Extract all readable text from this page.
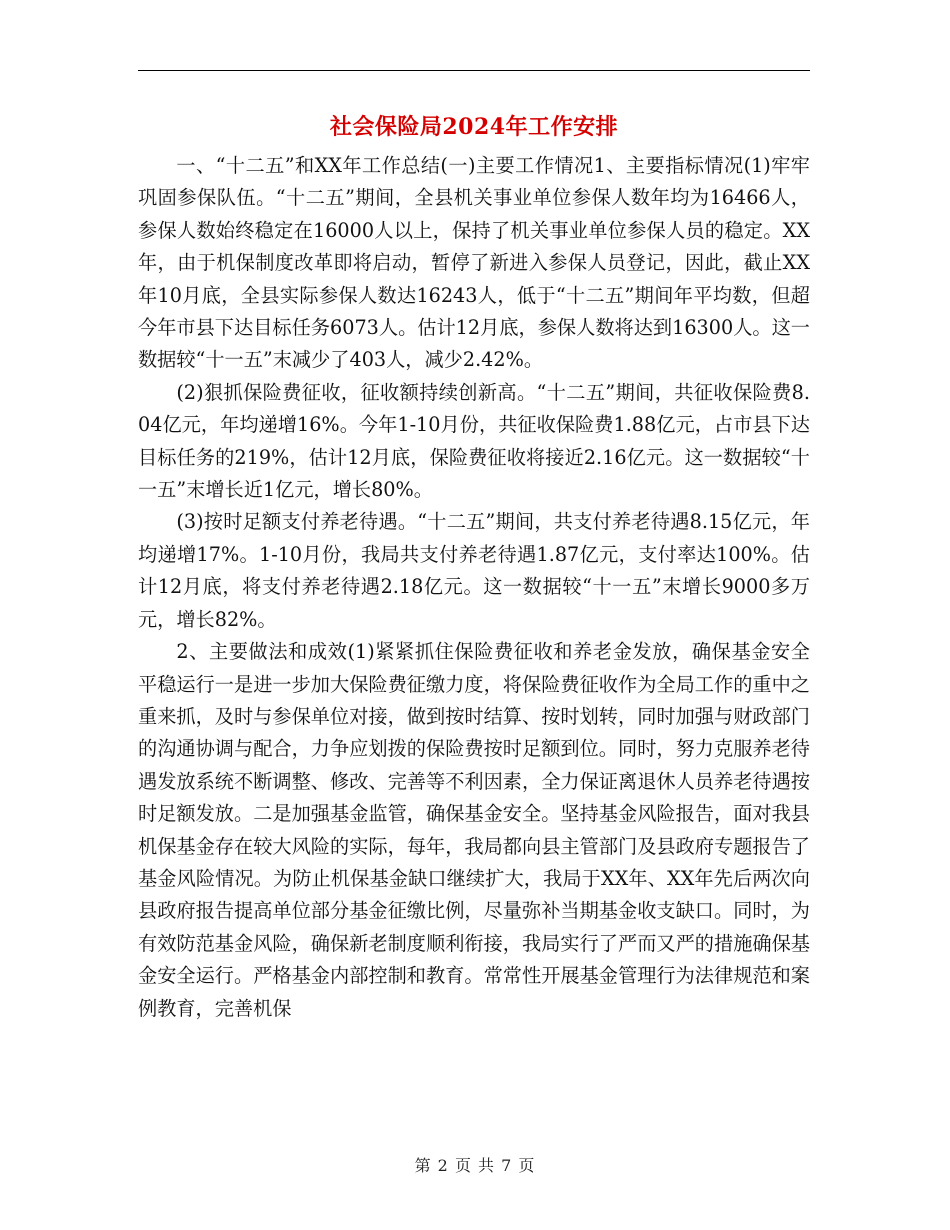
社会保险局2024年工作安排

一、“十二五”和XX年工作总结(一)主要工作情况1、主要指标情况(1)牢牢巩固参保队伍。“十二五”期间，全县机关事业单位参保人数年均为16466人，参保人数始终稳定在16000人以上，保持了机关事业单位参保人员的稳定。XX年，由于机保制度改革即将启动，暂停了新进入参保人员登记，因此，截止XX年10月底，全县实际参保人数达16243人，低于“十二五”期间年平均数，但超今年市县下达目标任务6073人。估计12月底，参保人数将达到16300人。这一数据较“十一五”末减少了403人，减少2.42%。

(2)狠抓保险费征收，征收额持续创新高。“十二五”期间，共征收保险费8.04亿元，年均递增16%。今年1-10月份，共征收保险费1.88亿元，占市县下达目标任务的219%，估计12月底，保险费征收将接近2.16亿元。这一数据较“十一五”末增长近1亿元，增长80%。

(3)按时足额支付养老待遇。“十二五”期间，共支付养老待遇8.15亿元，年均递增17%。1-10月份，我局共支付养老待遇1.87亿元，支付率达100%。估计12月底，将支付养老待遇2.18亿元。这一数据较“十一五”末增长9000多万元，增长82%。

2、主要做法和成效(1)紧紧抓住保险费征收和养老金发放，确保基金安全平稳运行一是进一步加大保险费征缴力度，将保险费征收作为全局工作的重中之重来抓，及时与参保单位对接，做到按时结算、按时划转，同时加强与财政部门的沟通协调与配合，力争应划拨的保险费按时足额到位。同时，努力克服养老待遇发放系统不断调整、修改、完善等不利因素，全力保证离退休人员养老待遇按时足额发放。二是加强基金监管，确保基金安全。坚持基金风险报告，面对我县机保基金存在较大风险的实际，每年，我局都向县主管部门及县政府专题报告了基金风险情况。为防止机保基金缺口继续扩大，我局于XX年、XX年先后两次向县政府报告提高单位部分基金征缴比例，尽量弥补当期基金收支缺口。同时，为有效防范基金风险，确保新老制度顺利衔接，我局实行了严而又严的措施确保基金安全运行。严格基金内部控制和教育。常常性开展基金管理行为法律规范和案例教育，完善机保

第 2 页 共 7 页
